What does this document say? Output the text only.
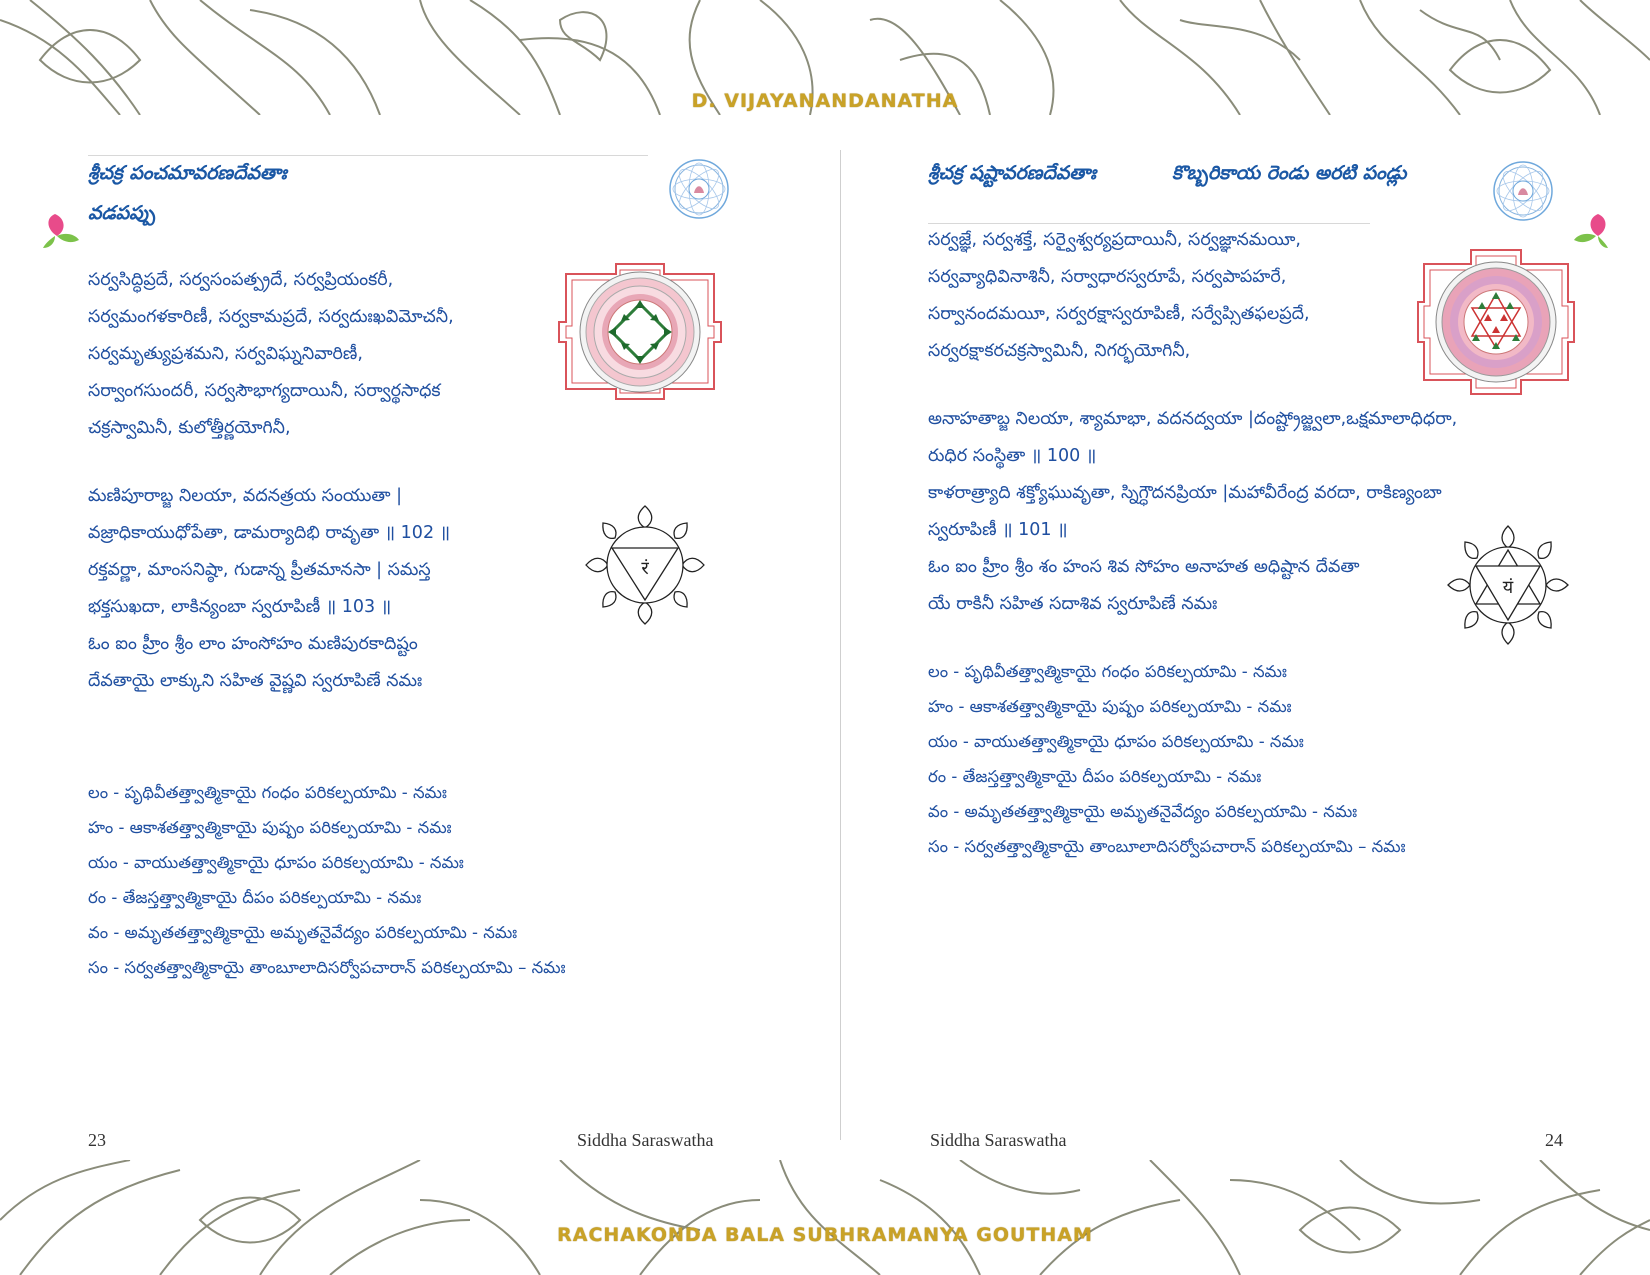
D. VIJAYANANDANATHA
RACHAKONDA BALA SUBHRAMANYA GOUTHAM
శ్రీచక్ర పంచమావరణదేవతాః
వడపప్పు
సర్వసిద్ధిప్రదే, సర్వసంపత్ప్రదే, సర్వప్రియంకరీ,
సర్వమంగళకారిణీ, సర్వకామప్రదే, సర్వదుఃఖవిమోచనీ,
సర్వమృత్యుప్రశమని, సర్వవిఘ్ననివారిణీ,
సర్వాంగసుందరీ, సర్వసౌభాగ్యదాయినీ, సర్వార్థసాధక
చక్రస్వామినీ, కులోత్తీర్ణయోగినీ,
रं
మణిపూరాబ్జ నిలయా, వదనత్రయ సంయుతా |
వజ్రాధికాయుధోపేతా, డామర్యాదిభి రావృతా ॥ 102 ॥
రక్తవర్ణా, మాంసనిష్ఠా, గుడాన్న ప్రీతమానసా | సమస్త
భక్తసుఖదా, లాకిన్యంబా స్వరూపిణీ ॥ 103 ॥
ఓం ఐం హ్రీం శ్రీం లాం హంసోహం మణిపురకాదిష్టం
దేవతాయై లాక్కుని సహిత వైష్ణవి స్వరూపిణే నమః
లం - పృథివీతత్త్వాత్మికాయై గంధం పరికల్పయామి - నమః
హం - ఆకాశతత్త్వాత్మికాయై పుష్పం పరికల్పయామి - నమః
యం - వాయుతత్త్వాత్మికాయై ధూపం పరికల్పయామి - నమః
రం - తేజస్తత్త్వాత్మికాయై దీపం పరికల్పయామి - నమః
వం - అమృతతత్త్వాత్మికాయై అమృతనైవేద్యం పరికల్పయామి - నమః
సం - సర్వతత్త్వాత్మికాయై తాంబూలాదిసర్వోపచారాన్ పరికల్పయామి – నమః
23	Siddha Saraswatha
శ్రీచక్ర షష్టావరణదేవతాః	కొబ్బరికాయ రెండు అరటి పండ్లు
సర్వజ్ఞే, సర్వశక్తే, సర్వైశ్వర్యప్రదాయినీ, సర్వజ్ఞానమయీ,
సర్వవ్యాధివినాశినీ, సర్వాధారస్వరూపే, సర్వపాపహరే,
సర్వానందమయీ, సర్వరక్షాస్వరూపిణీ, సర్వేప్సితఫలప్రదే,
సర్వరక్షాకరచక్రస్వామినీ, నిగర్భయోగినీ,
यं
అనాహతాబ్జ నిలయా, శ్యామాభా, వదనద్వయా |దంష్ట్రోజ్జ్వలా,ఒక్షమాలాధిధరా,
రుధిర సంస్థితా ॥ 100 ॥
కాళరాత్ర్యాది శక్త్యోఘువృతా, స్నిగ్ధౌదనప్రియా |మహావీరేంద్ర వరదా, రాకిణ్యంబా
స్వరూపిణీ ॥ 101 ॥
ఓం ఐం హ్రీం శ్రీం శం హంస శివ సోహం అనాహత అధిష్టాన దేవతా
యే రాకినీ సహిత సదాశివ స్వరూపిణే నమః
లం - పృథివీతత్త్వాత్మికాయై గంధం పరికల్పయామి - నమః
హం - ఆకాశతత్త్వాత్మికాయై పుష్పం పరికల్పయామి - నమః
యం - వాయుతత్త్వాత్మికాయై ధూపం పరికల్పయామి - నమః
రం - తేజస్తత్త్వాత్మికాయై దీపం పరికల్పయామి - నమః
వం - అమృతతత్త్వాత్మికాయై అమృతనైవేద్యం పరికల్పయామి - నమః
సం - సర్వతత్త్వాత్మికాయై తాంబూలాదిసర్వోపచారాన్ పరికల్పయామి – నమః
Siddha Saraswatha	24
